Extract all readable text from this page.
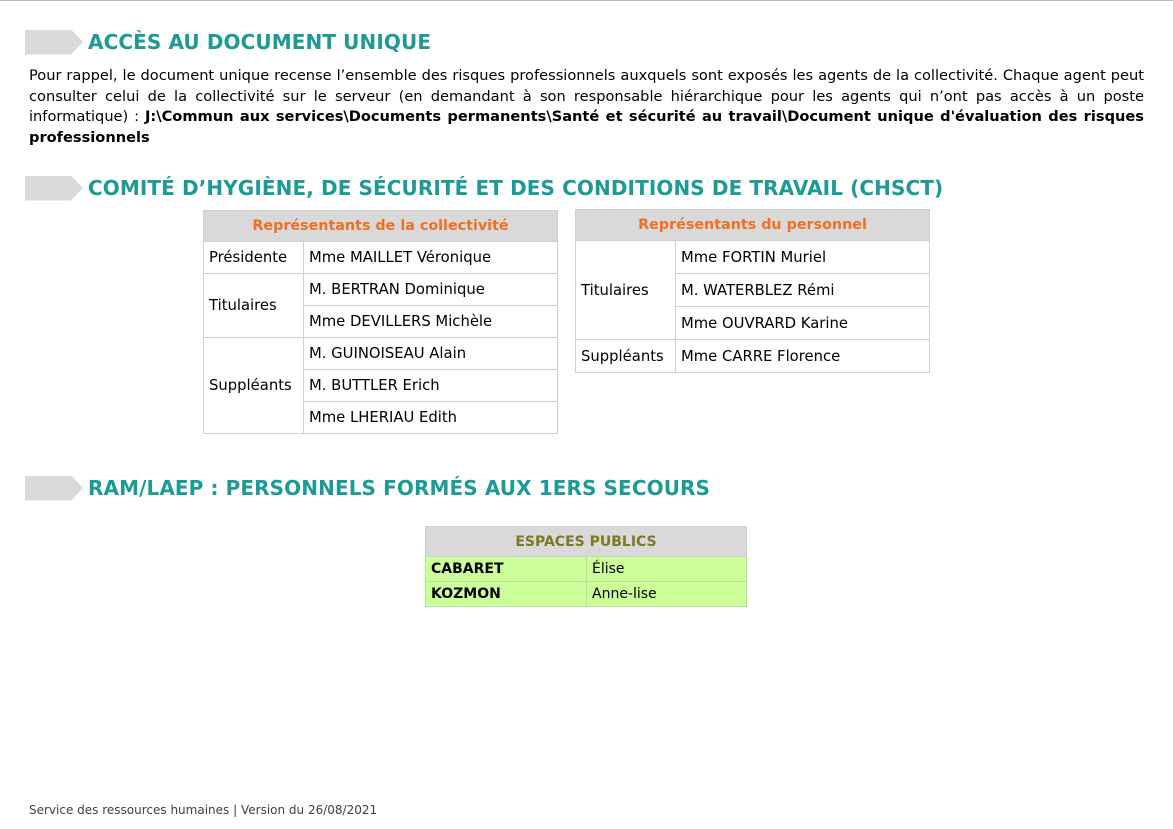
ACCÈS AU DOCUMENT UNIQUE
Pour rappel, le document unique recense l’ensemble des risques professionnels auxquels sont exposés les agents de la collectivité. Chaque agent peut consulter celui de la collectivité sur le serveur (en demandant à son responsable hiérarchique pour les agents qui n’ont pas accès à un poste informatique) : J:\Commun aux services\Documents permanents\Santé et sécurité au travail\Document unique d'évaluation des risques professionnels
COMITÉ D’HYGIÈNE, DE SÉCURITÉ ET DES CONDITIONS DE TRAVAIL (CHSCT)
Représentants de la collectivité	
Présidente	Mme MAILLET Véronique
Titulaires	M. BERTRAN Dominique
	Mme DEVILLERS Michèle
Suppléants	M. GUINOISEAU Alain
	M. BUTTLER Erich
	Mme LHERIAU Edith
Représentants du personnel	
Titulaires	Mme FORTIN Muriel
	M. WATERBLEZ Rémi
	Mme OUVRARD Karine
Suppléants	Mme CARRE Florence
RAM/LAEP : PERSONNELS FORMÉS AUX 1ERS SECOURS
ESPACES PUBLICS	
CABARET	Élise
KOZMON	Anne-lise
Service des ressources humaines | Version du 26/08/2021
